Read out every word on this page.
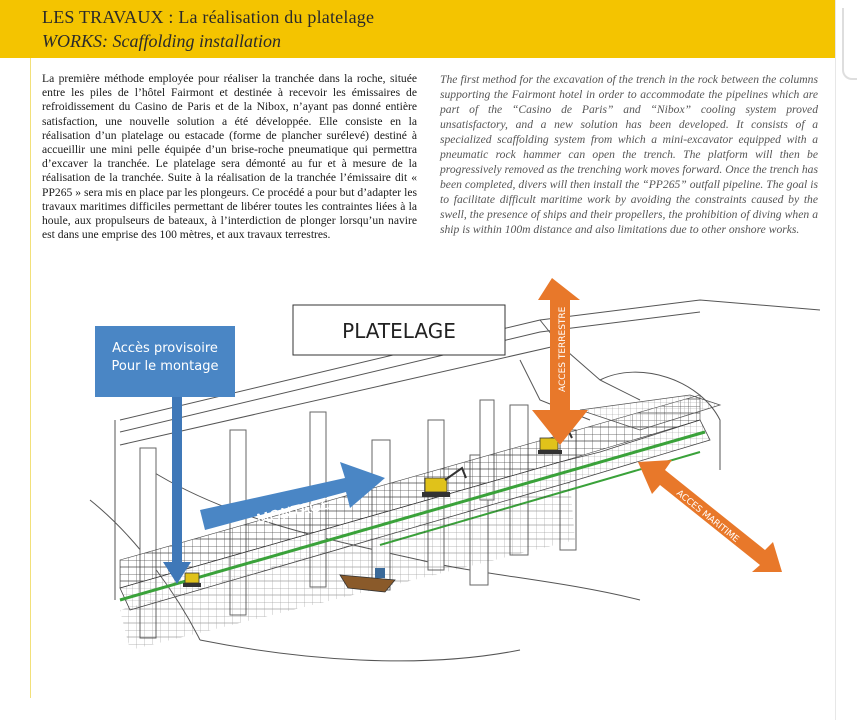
LES TRAVAUX : La réalisation du platelage
WORKS: Scaffolding installation
La première méthode employée pour réaliser la tranchée dans la roche, située entre les piles de l’hôtel Fairmont et destinée à recevoir les émissaires de refroidissement du Casino de Paris et de la Nibox, n’ayant pas donné entière satisfaction, une nouvelle solution a été développée. Elle consiste en la réalisation d’un platelage ou estacade (forme de plancher surélevé) destiné à accueillir une mini pelle équipée d’un brise-roche pneumatique qui permettra d’excaver la tranchée. Le platelage sera démonté au fur et à mesure de la réalisation de la tranchée. Suite à la réalisation de la tranchée l’émissaire dit « PP265 » sera mis en place par les plongeurs. Ce procédé a pour but d’adapter les travaux maritimes difficiles permettant de libérer toutes les contraintes liées à la houle, aux propulseurs de bateaux, à l’interdiction de plonger lorsqu’un navire est dans une emprise des 100 mètres, et aux travaux terrestres.
The first method for the excavation of the trench in the rock between the columns supporting the Fairmont hotel in order to accommodate the pipelines which are part of the “Casino de Paris” and “Nibox” cooling system proved unsatisfactory, and a new solution has been developed. It consists of a specialized scaffolding system from which a mini-excavator equipped with a pneumatic rock hammer can open the trench. The platform will then be progressively removed as the trenching work moves forward. Once the trench has been completed, divers will then install the “PP265” outfall pipeline. The goal is to facilitate difficult maritime work by avoiding the constraints caused by the swell, the presence of ships and their propellers, the prohibition of diving when a ship is within 100m distance and also limitations due to other onshore works.
PLATELAGE
Accès provisoire
Pour le montage
MONTAGE
ACCES TERRESTRE
ACCES MARITIME
